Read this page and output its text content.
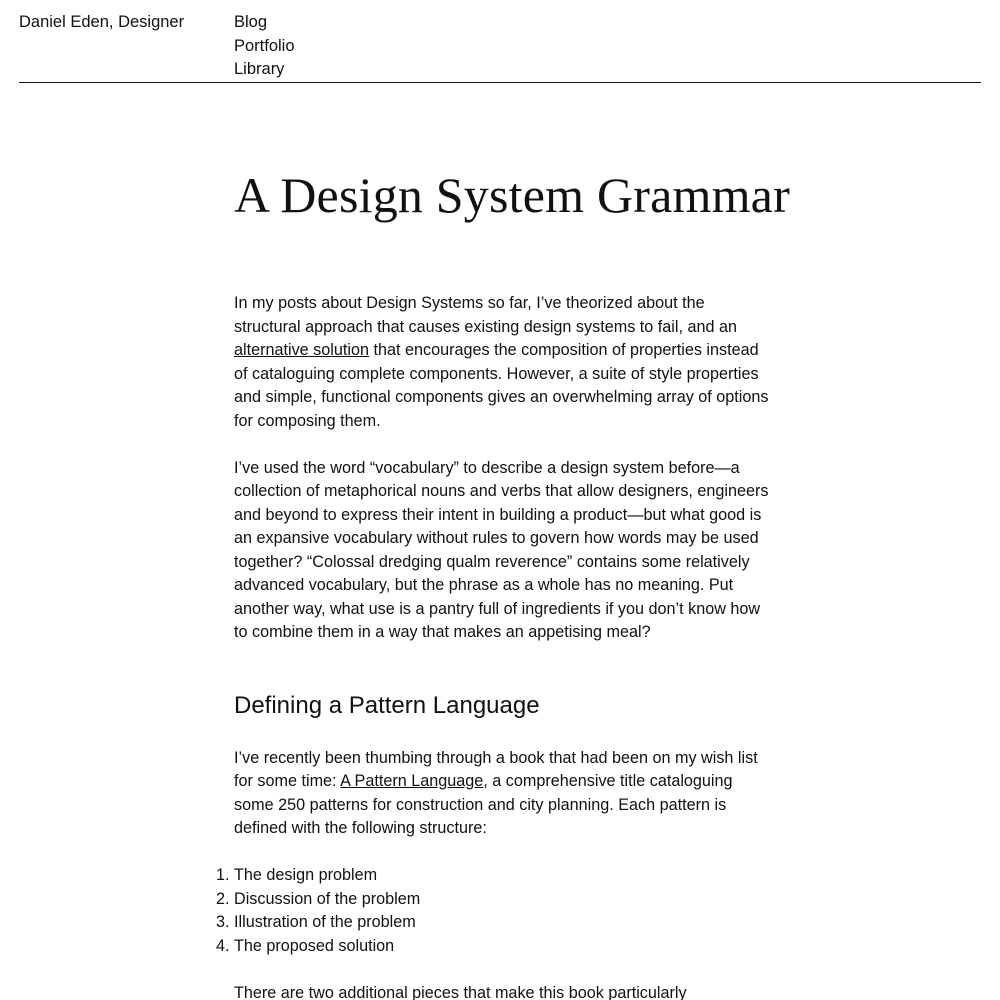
Daniel Eden, Designer	Blog
Portfolio
Library
A Design System Grammar

In my posts about Design Systems so far, I’ve theorized about the structural approach that causes existing design systems to fail, and an alternative solution that encourages the composition of properties instead of cataloguing complete components. However, a suite of style properties and simple, functional components gives an overwhelming array of options for composing them.

I’ve used the word “vocabulary” to describe a design system before—a collection of metaphorical nouns and verbs that allow designers, engineers and beyond to express their intent in building a product—but what good is an expansive vocabulary without rules to govern how words may be used together? “Colossal dredging qualm reverence” contains some relatively advanced vocabulary, but the phrase as a whole has no meaning. Put another way, what use is a pantry full of ingredients if you don’t know how to combine them in a way that makes an appetising meal?

Defining a Pattern Language

I’ve recently been thumbing through a book that had been on my wish list for some time: A Pattern Language, a comprehensive title cataloguing some 250 patterns for construction and city planning. Each pattern is defined with the following structure:

1. The design problem
2. Discussion of the problem
3. Illustration of the problem
4. The proposed solution

There are two additional pieces that make this book particularly
